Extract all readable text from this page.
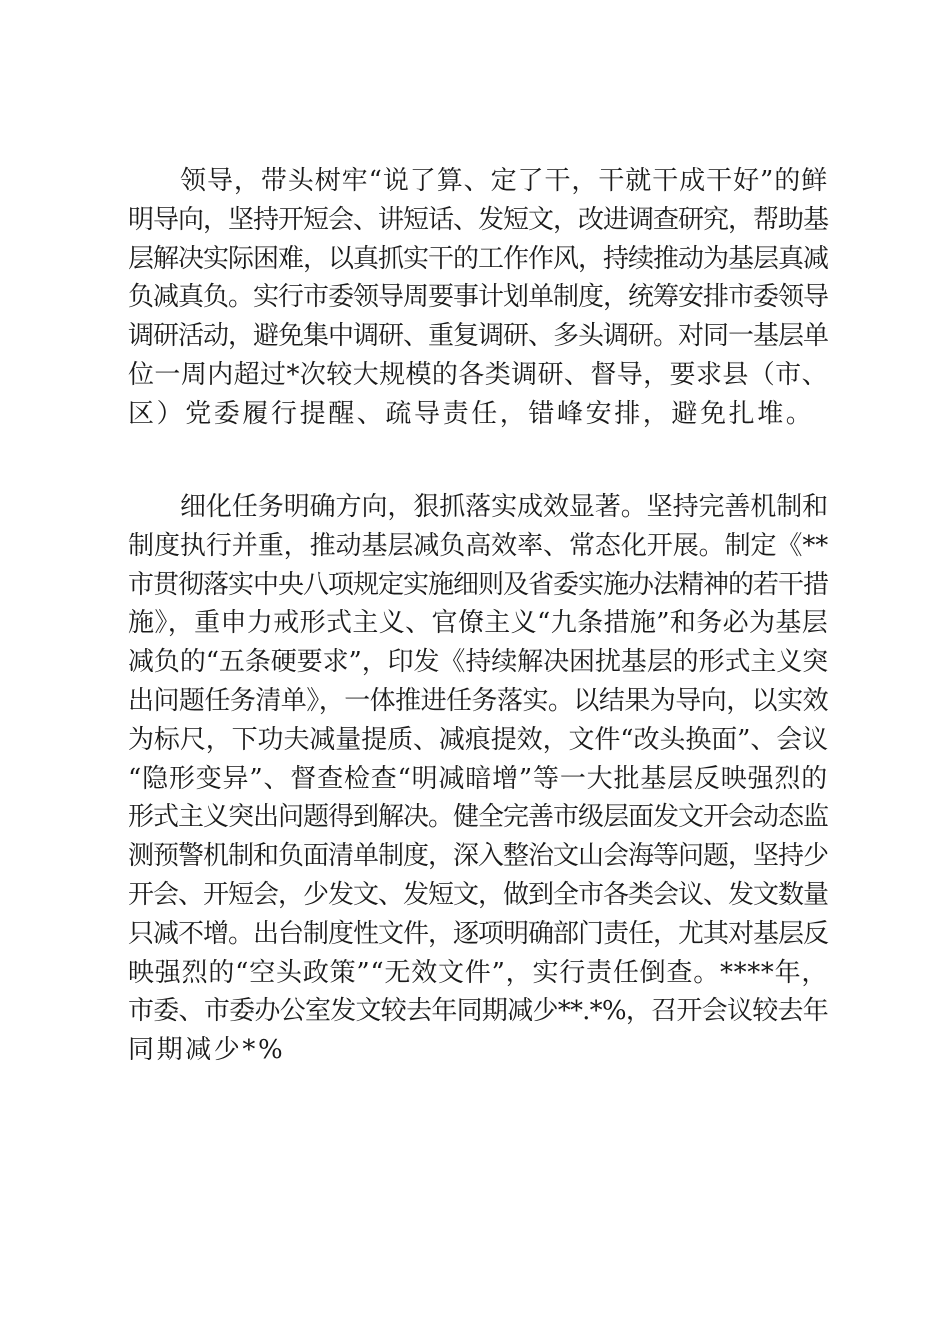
领导，带头树牢“说了算、定了干，干就干成干好”的鲜
明导向，坚持开短会、讲短话、发短文，改进调查研究，帮助基
层解决实际困难，以真抓实干的工作作风，持续推动为基层真减
负减真负。实行市委领导周要事计划单制度，统筹安排市委领导
调研活动，避免集中调研、重复调研、多头调研。对同一基层单
位一周内超过*次较大规模的各类调研、督导，要求县（市、
区）党委履行提醒、疏导责任，错峰安排，避免扎堆。
细化任务明确方向，狠抓落实成效显著。坚持完善机制和
制度执行并重，推动基层减负高效率、常态化开展。制定《**
市贯彻落实中央八项规定实施细则及省委实施办法精神的若干措
施》，重申力戒形式主义、官僚主义“九条措施”和务必为基层
减负的“五条硬要求”，印发《持续解决困扰基层的形式主义突
出问题任务清单》，一体推进任务落实。以结果为导向，以实效
为标尺，下功夫减量提质、减痕提效，文件“改头换面”、会议
“隐形变异”、督查检查“明减暗增”等一大批基层反映强烈的
形式主义突出问题得到解决。健全完善市级层面发文开会动态监
测预警机制和负面清单制度，深入整治文山会海等问题，坚持少
开会、开短会，少发文、发短文，做到全市各类会议、发文数量
只减不增。出台制度性文件，逐项明确部门责任，尤其对基层反
映强烈的“空头政策”“无效文件”，实行责任倒查。****年，
市委、市委办公室发文较去年同期减少**.*%，召开会议较去年
同期减少*%
